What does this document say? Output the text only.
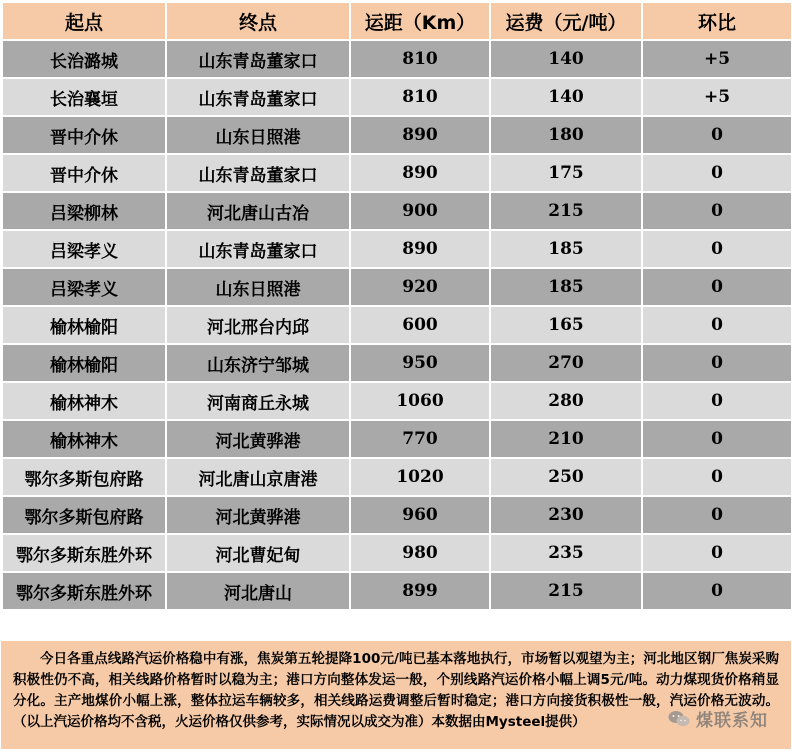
起点	终点	运距（Km）	运费（元/吨）	环比
长治潞城	山东青岛董家口	810	140	+5
长治襄垣	山东青岛董家口	810	140	+5
晋中介休	山东日照港	890	180	0
晋中介休	山东青岛董家口	890	175	0
吕梁柳林	河北唐山古冶	900	215	0
吕梁孝义	山东青岛董家口	890	185	0
吕梁孝义	山东日照港	920	185	0
榆林榆阳	河北邢台内邱	600	165	0
榆林榆阳	山东济宁邹城	950	270	0
榆林神木	河南商丘永城	1060	280	0
榆林神木	河北黄骅港	770	210	0
鄂尔多斯包府路	河北唐山京唐港	1020	250	0
鄂尔多斯包府路	河北黄骅港	960	230	0
鄂尔多斯东胜外环	河北曹妃甸	980	235	0
鄂尔多斯东胜外环	河北唐山	899	215	0
今日各重点线路汽运价格稳中有涨，焦炭第五轮提降100元/吨已基本落地执行，市场暂以观望为主；河北地区钢厂焦炭采购积极性仍不高，相关线路价格暂时以稳为主；港口方向整体发运一般，个别线路汽运价格小幅上调5元/吨。动力煤现货价格稍显分化。主产地煤价小幅上涨，整体拉运车辆较多，相关线路运费调整后暂时稳定；港口方向接货积极性一般，汽运价格无波动。（以上汽运价格均不含税，火运价格仅供参考，实际情况以成交为准）本数据由Mysteel提供）	煤联系知
